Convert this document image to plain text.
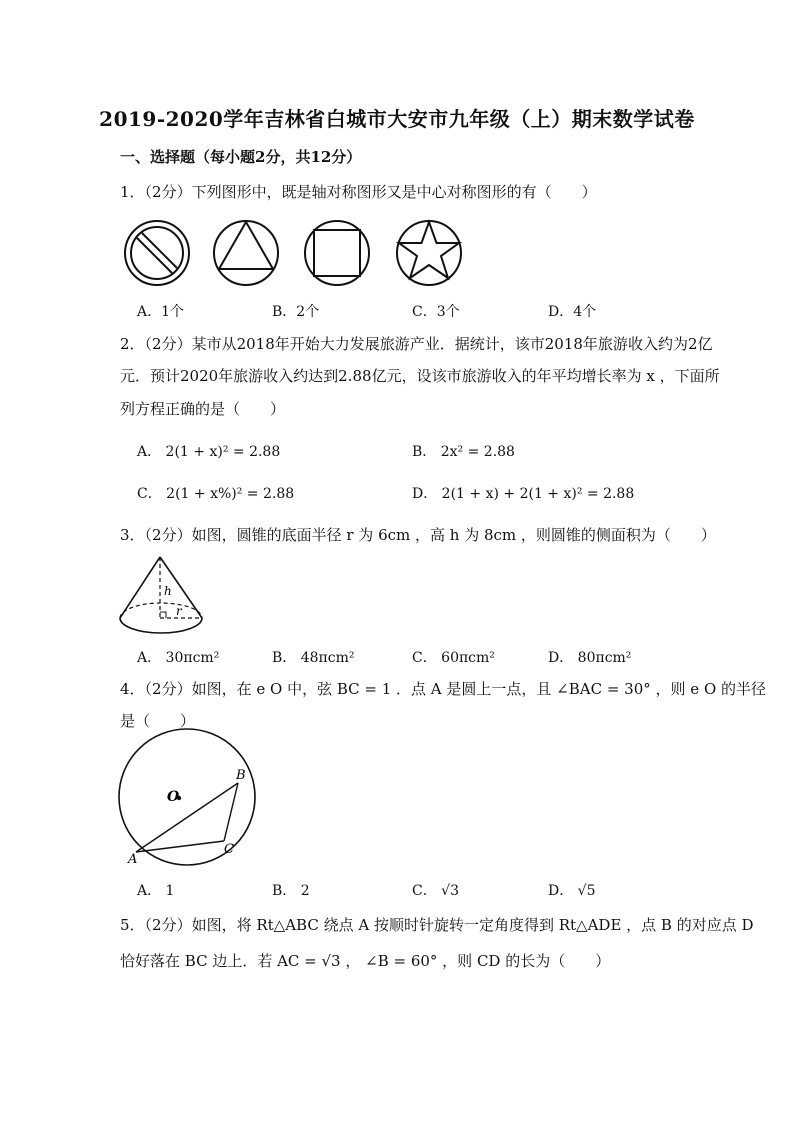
2019-2020学年吉林省白城市大安市九年级（上）期末数学试卷
一、选择题（每小题2分，共12分）
1．（2分）下列图形中，既是轴对称图形又是中心对称图形的有（　　）
A．1个	B．2个	C．3个	D．4个
2．（2分）某市从2018年开始大力发展旅游产业．据统计，该市2018年旅游收入约为2亿
元．预计2020年旅游收入约达到2.88亿元，设该市旅游收入的年平均增长率为 x ，下面所
列方程正确的是（　　）
A． 2(1 + x)² = 2.88	B． 2x² = 2.88
C． 2(1 + x%)² = 2.88	D． 2(1 + x) + 2(1 + x)² = 2.88
3．（2分）如图，圆锥的底面半径 r 为 6cm ，高 h 为 8cm ，则圆锥的侧面积为（　　）
h
r
A． 30πcm²	B． 48πcm²	C． 60πcm²	D． 80πcm²
4．（2分）如图，在 e O 中，弦 BC = 1 ．点 A 是圆上一点，且 ∠BAC = 30° ，则 e O 的半径
是（　　）
O
B
A
C
A． 1	B． 2	C． √3	D． √5
5．（2分）如图，将 Rt△ABC 绕点 A 按顺时针旋转一定角度得到 Rt△ADE ，点 B 的对应点 D
恰好落在 BC 边上．若 AC = √3 ， ∠B = 60° ，则 CD 的长为（　　）
